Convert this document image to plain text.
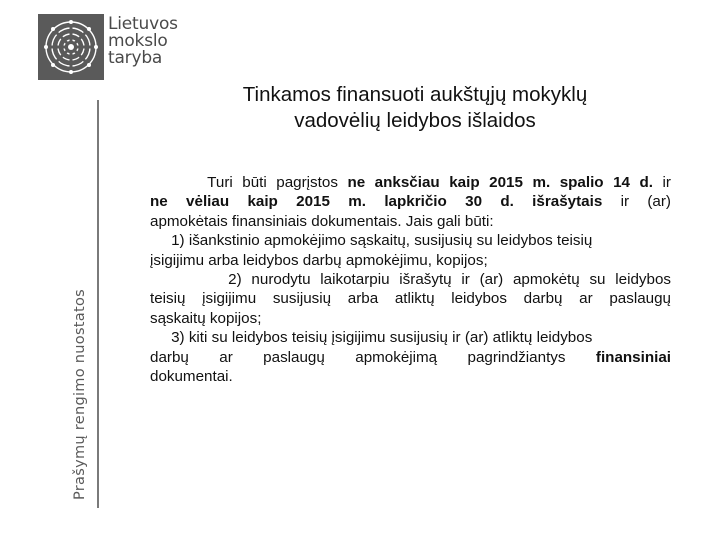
Lietuvos
mokslo
taryba
Prašymų rengimo nuostatos
Tinkamos finansuoti aukštųjų mokyklų
vadovėlių leidybos išlaidos
Turi būti pagrįstos ne anksčiau kaip 2015 m. spalio 14 d. ir
ne vėliau kaip 2015 m. lapkričio 30 d. išrašytais ir (ar)
apmokėtais finansiniais dokumentais. Jais gali būti:
1) išankstinio apmokėjimo sąskaitų, susijusių su leidybos teisių
įsigijimu arba leidybos darbų apmokėjimu, kopijos;
2) nurodytu laikotarpiu išrašytų ir (ar) apmokėtų su leidybos
teisių įsigijimu susijusių arba atliktų leidybos darbų ar paslaugų
sąskaitų kopijos;
3) kiti su leidybos teisių įsigijimu susijusių ir (ar) atliktų leidybos
darbų ar paslaugų apmokėjimą pagrindžiantys finansiniai
dokumentai.
